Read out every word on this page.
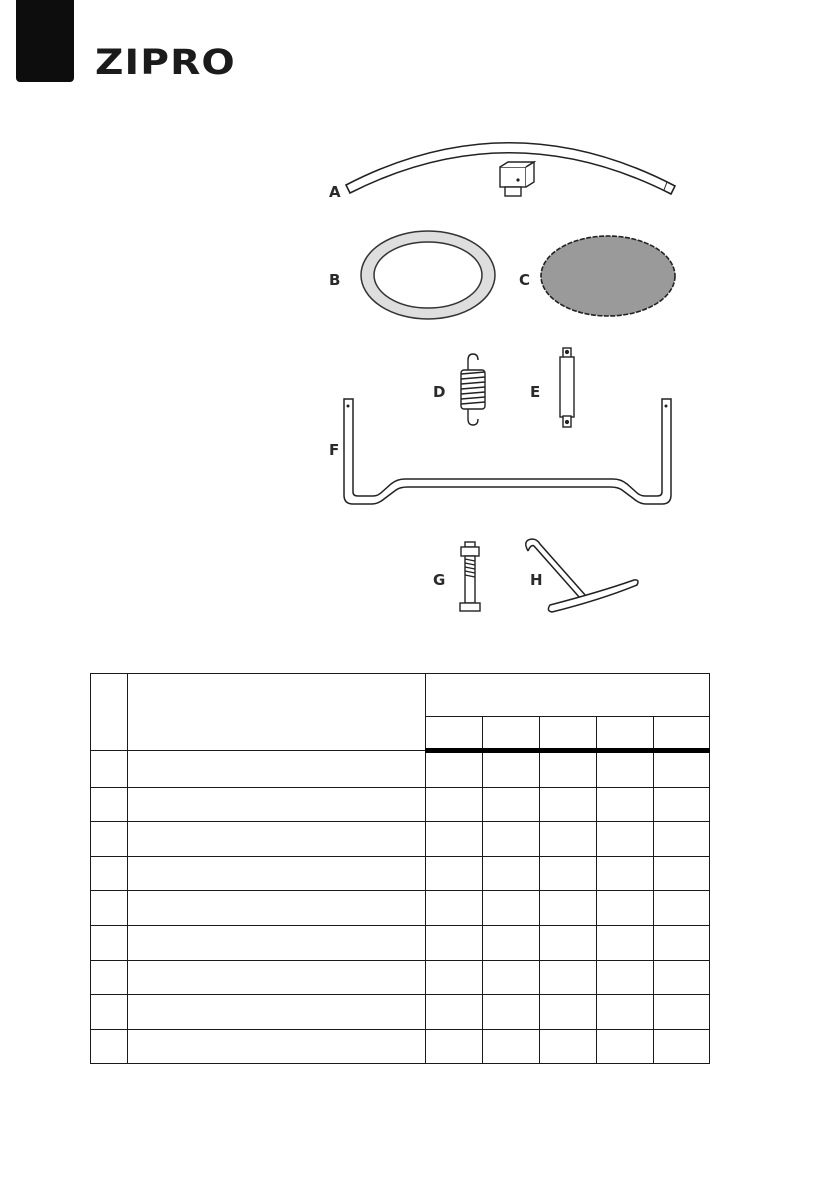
ZIPRO
A
B	C
D	E
F
G	H
